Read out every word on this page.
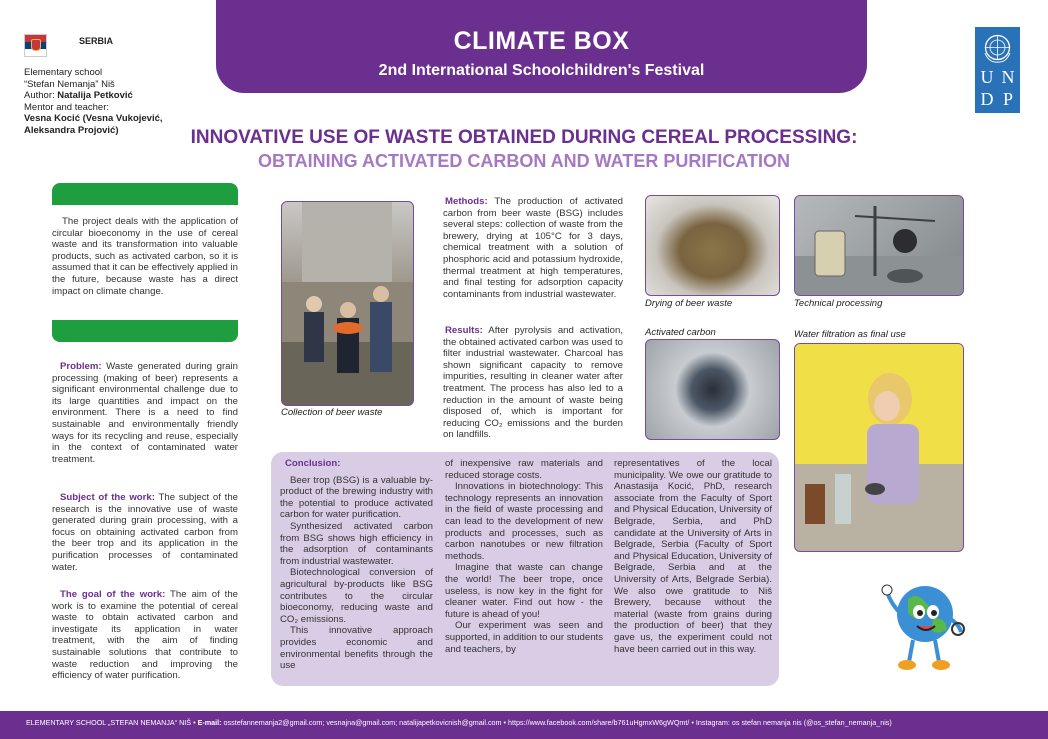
CLIMATE BOX
2nd International Schoolchildren's Festival
SERBIA
Elementary school
“Stefan Nemanja” Niš
Author: Natalija Petković
Mentor and teacher:
Vesna Kocić (Vesna Vukojević, Aleksandra Projović)
U N
D P
INNOVATIVE USE OF WASTE OBTAINED DURING CEREAL PROCESSING:
OBTAINING ACTIVATED CARBON AND WATER PURIFICATION
The project deals with the application of circular bioeconomy in the use of cereal waste and its transformation into valuable products, such as activated carbon, so it is assumed that it can be effectively applied in the future, because waste has a direct impact on climate change.
Problem: Waste generated during grain processing (making of beer) represents a significant environmental challenge due to its large quantities and impact on the environment. There is a need to find sustainable and environmentally friendly ways for its recycling and reuse, especially in the context of contaminated water treatment.
Subject of the work: The subject of the research is the innovative use of waste generated during grain processing, with a focus on obtaining activated carbon from the beer trop and its application in the purification processes of contaminated water.
The goal of the work: The aim of the work is to examine the potential of cereal waste to obtain activated carbon and investigate its application in water treatment, with the aim of finding sustainable solutions that contribute to waste reduction and improving the efficiency of water purification.
Collection of beer waste
Methods: The production of activated carbon from beer waste (BSG) includes several steps: collection of waste from the brewery, drying at 105°C for 3 days, chemical treatment with a solution of phosphoric acid and potassium hydroxide, thermal treatment at high temperatures, and final testing for adsorption capacity contaminants from industrial wastewater.
Results: After pyrolysis and activation, the obtained activated carbon was used to filter industrial wastewater. Charcoal has shown significant capacity to remove impurities, resulting in cleaner water after treatment. The process has also led to a reduction in the amount of waste being disposed of, which is important for reducing CO₂ emissions and the burden on landfills.
Drying of beer waste	Technical processing
Activated carbon	Water filtration as final use
Conclusion:
Beer trop (BSG) is a valuable by-product of the brewing industry with the potential to produce activated carbon for water purification.
Synthesized activated carbon from BSG shows high efficiency in the adsorption of contaminants from industrial wastewater.
Biotechnological conversion of agricultural by-products like BSG contributes to the circular bioeconomy, reducing waste and CO₂ emissions.
This innovative approach provides economic and environmental benefits through the use
of inexpensive raw materials and reduced storage costs.
Innovations in biotechnology: This technology represents an innovation in the field of waste processing and can lead to the development of new products and processes, such as carbon nanotubes or new filtration methods.
Imagine that waste can change the world! The beer trope, once useless, is now key in the fight for cleaner water. Find out how - the future is ahead of you!
Our experiment was seen and supported, in addition to our students and teachers, by
representatives of the local municipality. We owe our gratitude to Anastasija Kocić, PhD, research associate from the Faculty of Sport and Physical Education, University of Belgrade, Serbia, and PhD candidate at the University of Arts in Belgrade, Serbia (Faculty of Sport and Physical Education, University of Belgrade, Serbia and at the University of Arts, Belgrade Serbia). We also owe gratitude to Niš Brewery, because without the material (waste from grains during the production of beer) that they gave us, the experiment could not have been carried out in this way.
ELEMENTARY SCHOOL „STEFAN NEMANJA“ NIŠ • E-mail: osstefannemanja2@gmail.com; vesnajna@gmail.com; natalijapetkovicnish@gmail.com • https://www.facebook.com/share/b761uHgmxW6gWQmt/ • Instagram: os stefan nemanja nis (@os_stefan_nemanja_nis)
